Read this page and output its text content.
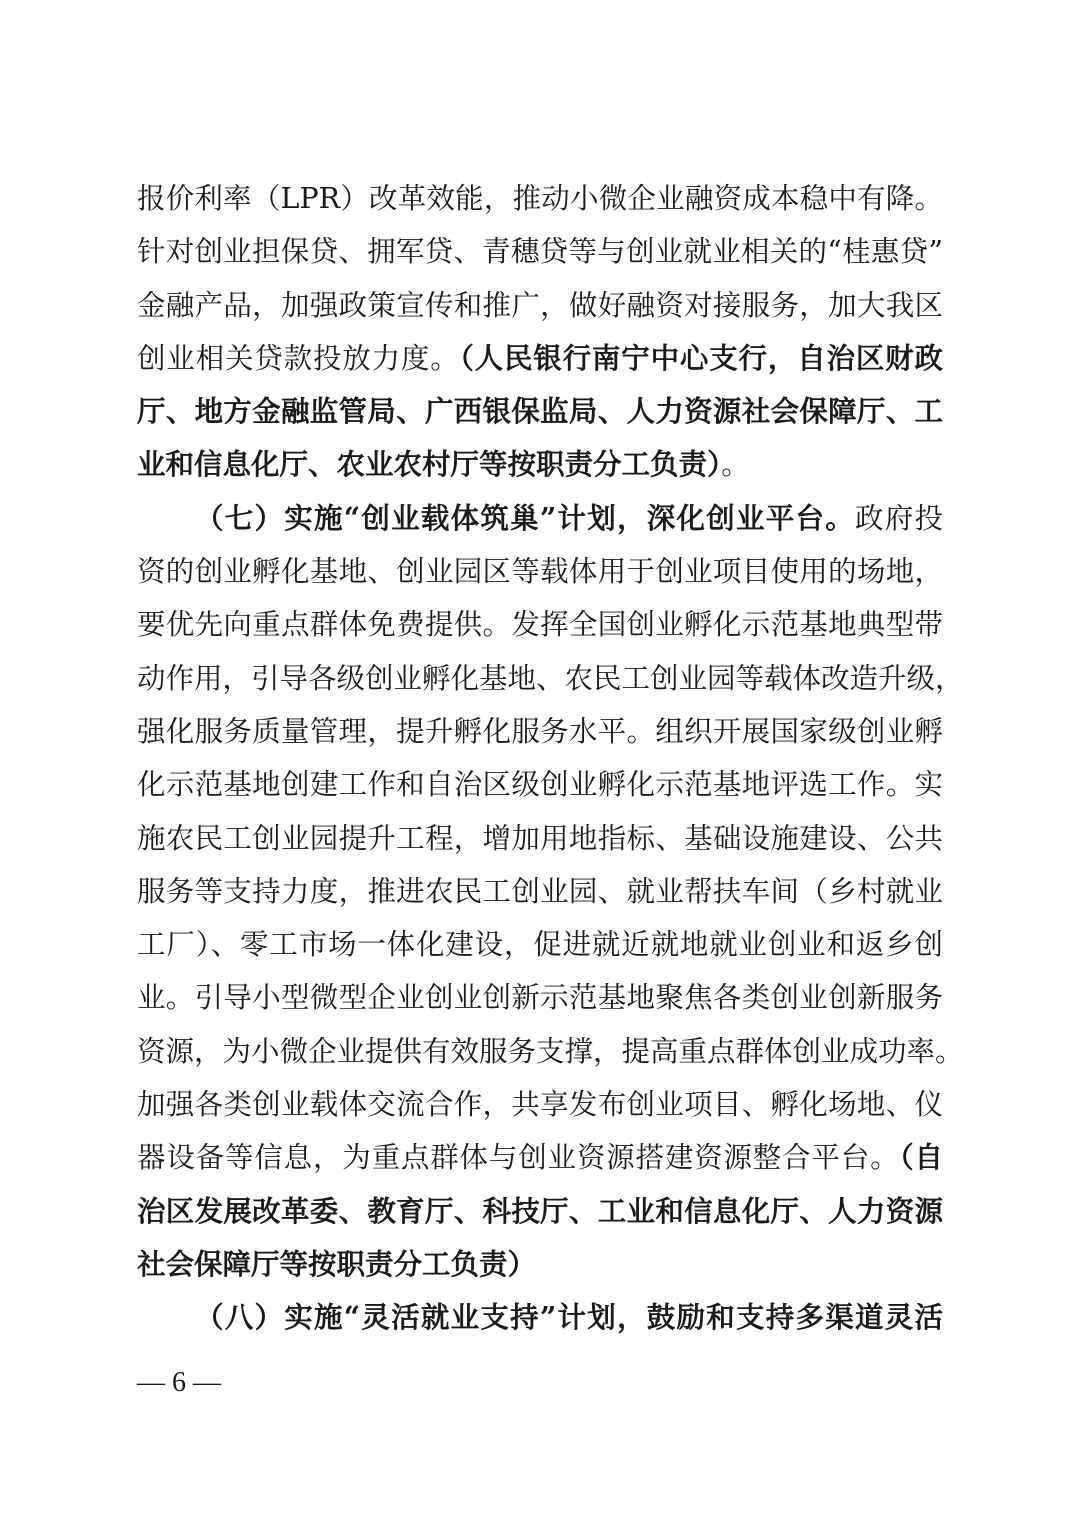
报价利率（LPR）改革效能，推动小微企业融资成本稳中有降。
针对创业担保贷、拥军贷、青穗贷等与创业就业相关的“桂惠贷”
金融产品，加强政策宣传和推广，做好融资对接服务，加大我区
创业相关贷款投放力度。（人民银行南宁中心支行，自治区财政
厅、地方金融监管局、广西银保监局、人力资源社会保障厅、工
业和信息化厅、农业农村厅等按职责分工负责）。
（七）实施“创业载体筑巢”计划，深化创业平台。政府投
资的创业孵化基地、创业园区等载体用于创业项目使用的场地，
要优先向重点群体免费提供。发挥全国创业孵化示范基地典型带
动作用，引导各级创业孵化基地、农民工创业园等载体改造升级，
强化服务质量管理，提升孵化服务水平。组织开展国家级创业孵
化示范基地创建工作和自治区级创业孵化示范基地评选工作。实
施农民工创业园提升工程，增加用地指标、基础设施建设、公共
服务等支持力度，推进农民工创业园、就业帮扶车间（乡村就业
工厂）、零工市场一体化建设，促进就近就地就业创业和返乡创
业。引导小型微型企业创业创新示范基地聚焦各类创业创新服务
资源，为小微企业提供有效服务支撑，提高重点群体创业成功率。
加强各类创业载体交流合作，共享发布创业项目、孵化场地、仪
器设备等信息，为重点群体与创业资源搭建资源整合平台。（自
治区发展改革委、教育厅、科技厅、工业和信息化厅、人力资源
社会保障厅等按职责分工负责）
（八）实施“灵活就业支持”计划，鼓励和支持多渠道灵活
— 6 —
